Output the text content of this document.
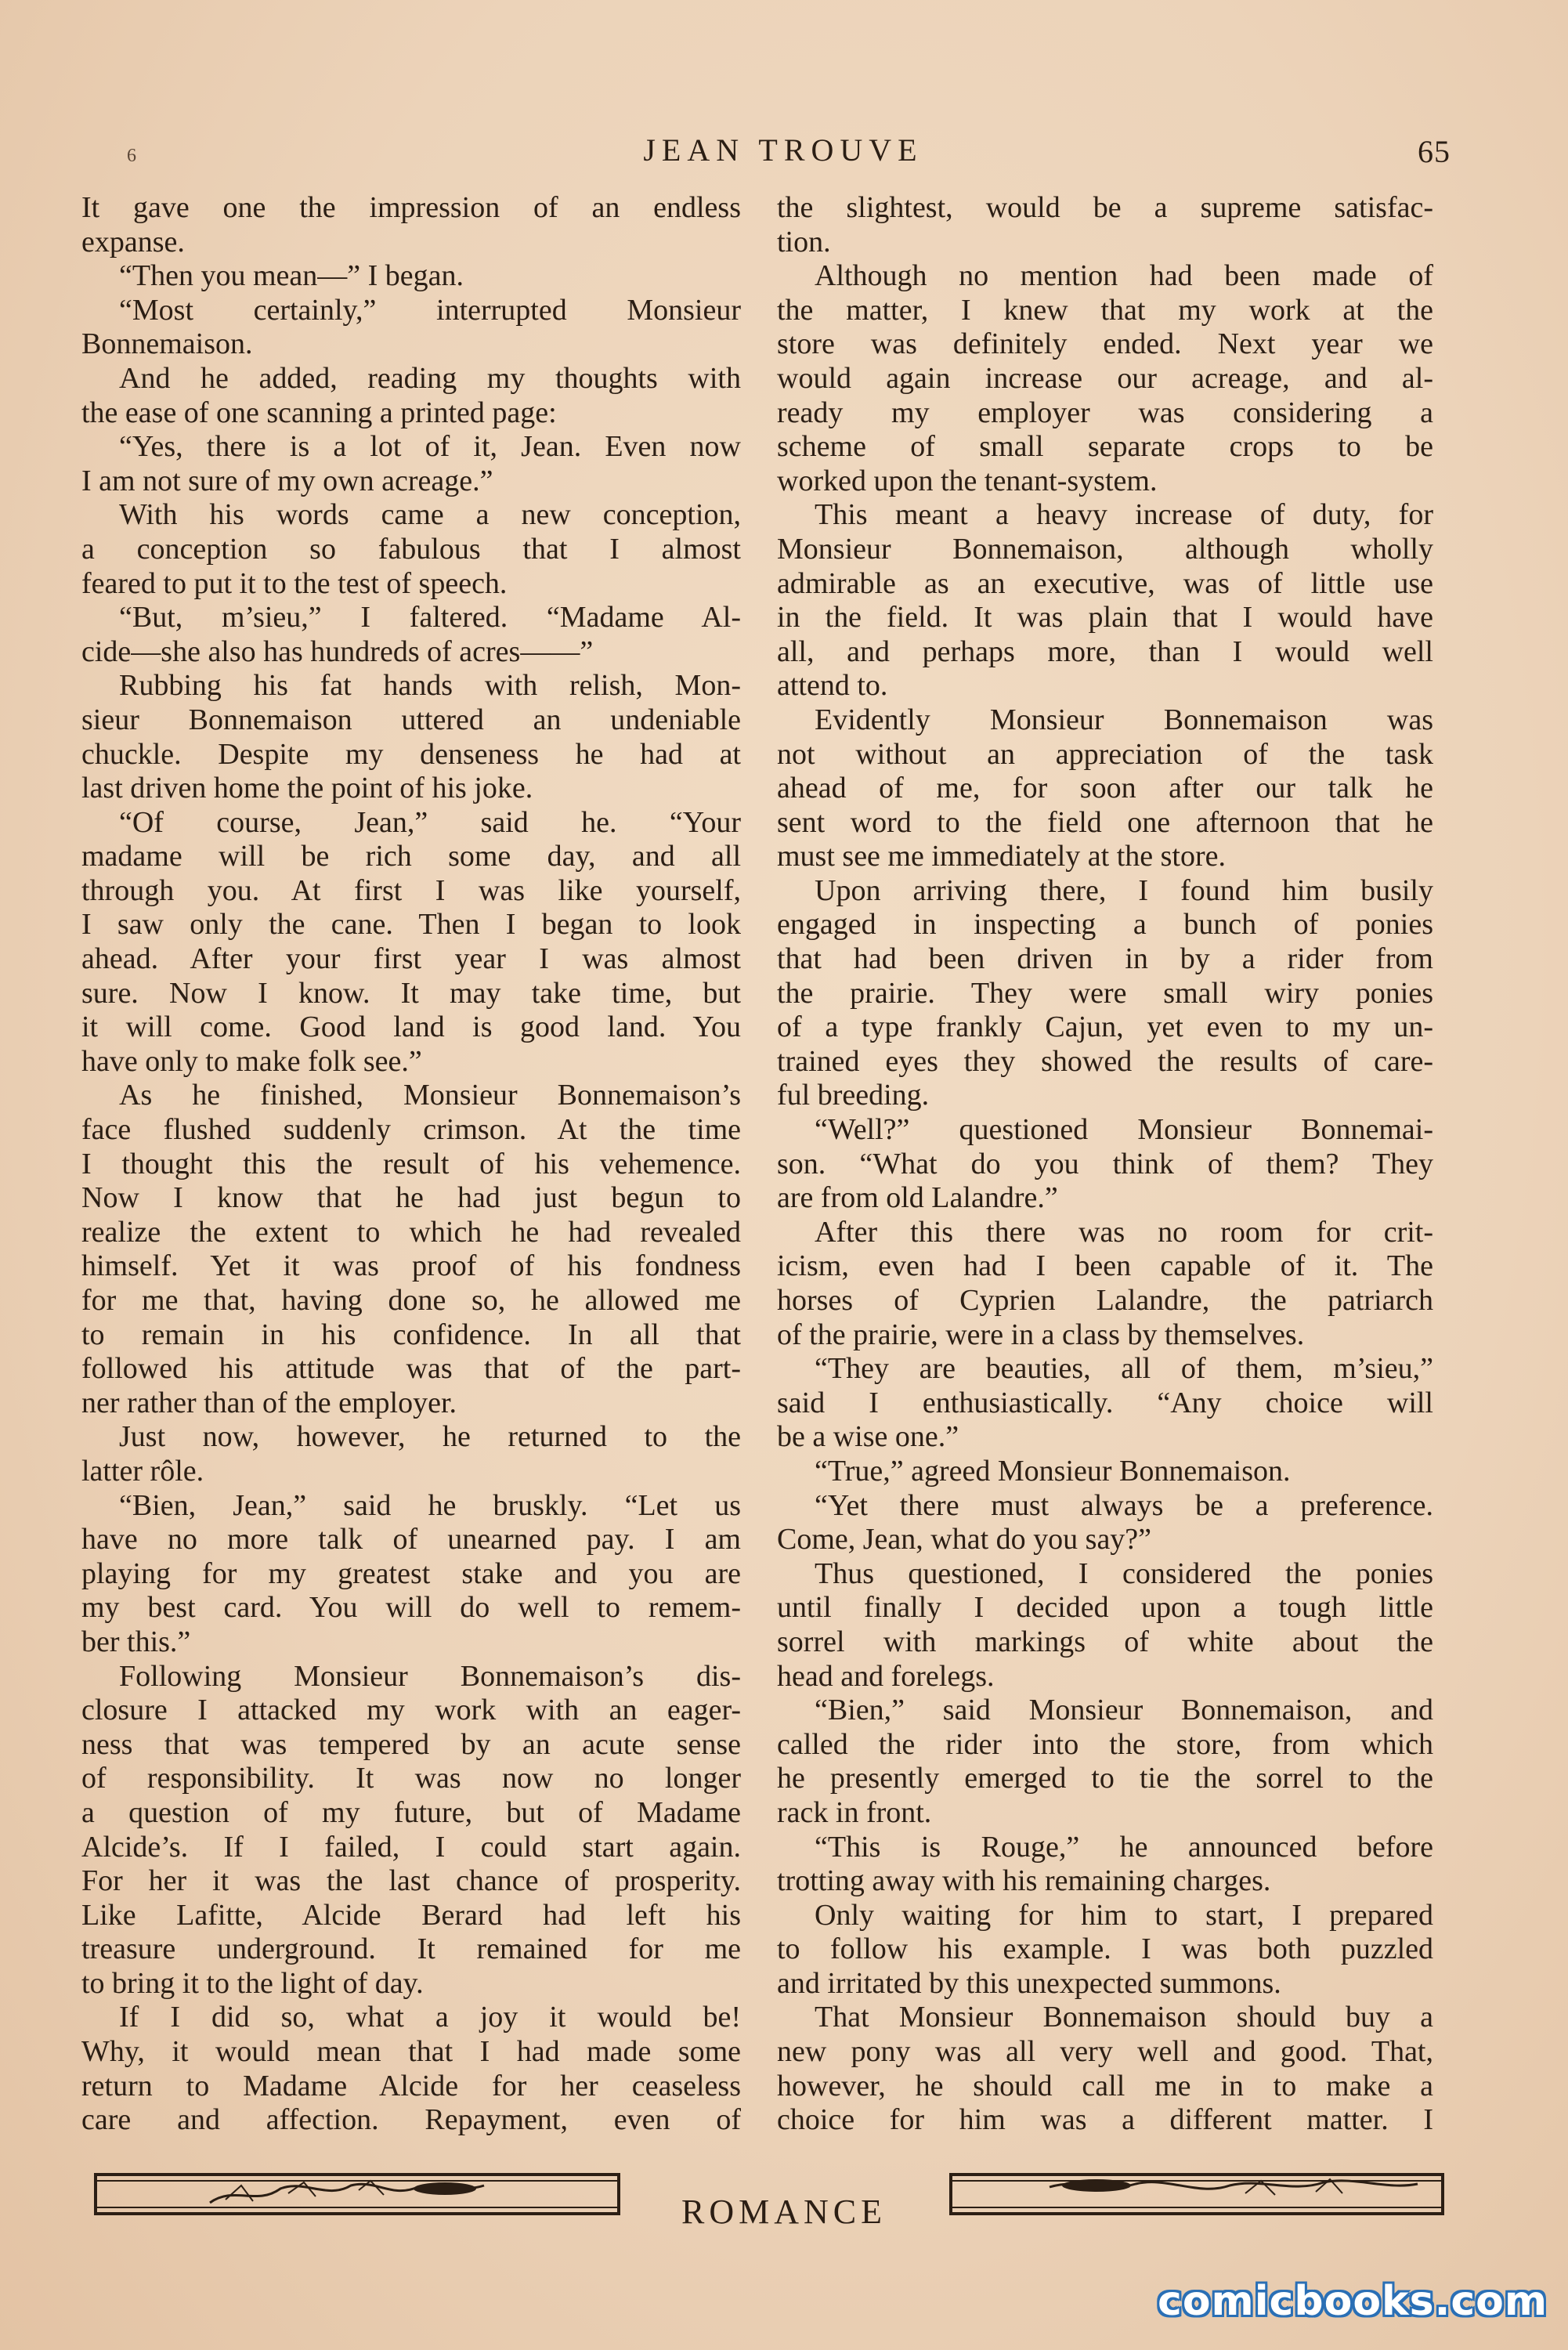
6	JEAN TROUVE	65
It gave one the impression of an endless
expanse.
“Then you mean—” I began.
“Most certainly,” interrupted Monsieur
Bonnemaison.
And he added, reading my thoughts with
the ease of one scanning a printed page:
“Yes, there is a lot of it, Jean. Even now
I am not sure of my own acreage.”
With his words came a new conception,
a conception so fabulous that I almost
feared to put it to the test of speech.
“But, m’sieu,” I faltered. “Madame Al-
cide—she also has hundreds of acres——”
Rubbing his fat hands with relish, Mon-
sieur Bonnemaison uttered an undeniable
chuckle. Despite my denseness he had at
last driven home the point of his joke.
“Of course, Jean,” said he. “Your
madame will be rich some day, and all
through you. At first I was like yourself,
I saw only the cane. Then I began to look
ahead. After your first year I was almost
sure. Now I know. It may take time, but
it will come. Good land is good land. You
have only to make folk see.”
As he finished, Monsieur Bonnemaison’s
face flushed suddenly crimson. At the time
I thought this the result of his vehemence.
Now I know that he had just begun to
realize the extent to which he had revealed
himself. Yet it was proof of his fondness
for me that, having done so, he allowed me
to remain in his confidence. In all that
followed his attitude was that of the part-
ner rather than of the employer.
Just now, however, he returned to the
latter rôle.
“Bien, Jean,” said he bruskly. “Let us
have no more talk of unearned pay. I am
playing for my greatest stake and you are
my best card. You will do well to remem-
ber this.”
Following Monsieur Bonnemaison’s dis-
closure I attacked my work with an eager-
ness that was tempered by an acute sense
of responsibility. It was now no longer
a question of my future, but of Madame
Alcide’s. If I failed, I could start again.
For her it was the last chance of prosperity.
Like Lafitte, Alcide Berard had left his
treasure underground. It remained for me
to bring it to the light of day.
If I did so, what a joy it would be!
Why, it would mean that I had made some
return to Madame Alcide for her ceaseless
care and affection. Repayment, even of
the slightest, would be a supreme satisfac-
tion.
Although no mention had been made of
the matter, I knew that my work at the
store was definitely ended. Next year we
would again increase our acreage, and al-
ready my employer was considering a
scheme of small separate crops to be
worked upon the tenant-system.
This meant a heavy increase of duty, for
Monsieur Bonnemaison, although wholly
admirable as an executive, was of little use
in the field. It was plain that I would have
all, and perhaps more, than I would well
attend to.
Evidently Monsieur Bonnemaison was
not without an appreciation of the task
ahead of me, for soon after our talk he
sent word to the field one afternoon that he
must see me immediately at the store.
Upon arriving there, I found him busily
engaged in inspecting a bunch of ponies
that had been driven in by a rider from
the prairie. They were small wiry ponies
of a type frankly Cajun, yet even to my un-
trained eyes they showed the results of care-
ful breeding.
“Well?” questioned Monsieur Bonnemai-
son. “What do you think of them? They
are from old Lalandre.”
After this there was no room for crit-
icism, even had I been capable of it. The
horses of Cyprien Lalandre, the patriarch
of the prairie, were in a class by themselves.
“They are beauties, all of them, m’sieu,”
said I enthusiastically. “Any choice will
be a wise one.”
“True,” agreed Monsieur Bonnemaison.
“Yet there must always be a preference.
Come, Jean, what do you say?”
Thus questioned, I considered the ponies
until finally I decided upon a tough little
sorrel with markings of white about the
head and forelegs.
“Bien,” said Monsieur Bonnemaison, and
called the rider into the store, from which
he presently emerged to tie the sorrel to the
rack in front.
“This is Rouge,” he announced before
trotting away with his remaining charges.
Only waiting for him to start, I prepared
to follow his example. I was both puzzled
and irritated by this unexpected summons.
That Monsieur Bonnemaison should buy a
new pony was all very well and good. That,
however, he should call me in to make a
choice for him was a different matter. I
ROMANCE
comicbooks.com
